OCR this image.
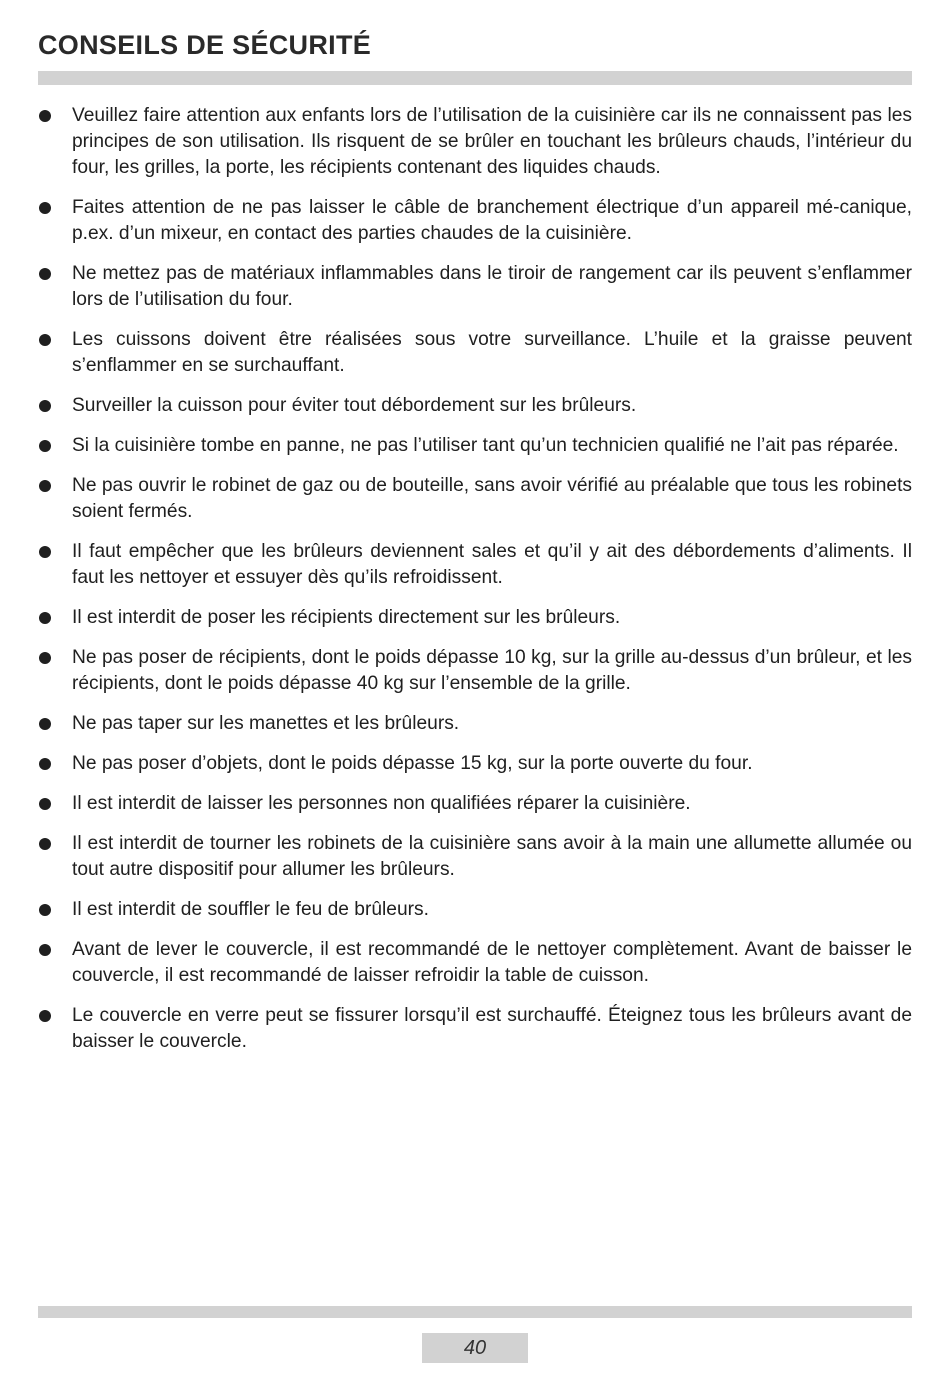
CONSEILS DE SÉCURITÉ
Veuillez faire attention aux enfants lors de l’utilisation de la cuisinière car ils ne connaissent pas les principes de son utilisation. Ils risquent de se brûler en touchant les brûleurs chauds, l’intérieur du four, les grilles, la porte, les récipients contenant des liquides chauds.
Faites attention de ne pas laisser le câble de branchement électrique d’un appareil mé-canique, p.ex. d’un mixeur, en contact des parties chaudes de la cuisinière.
Ne mettez pas de matériaux inflammables dans le tiroir de rangement car ils peuvent s’enflammer lors de l’utilisation du four.
Les cuissons doivent être réalisées sous votre surveillance. L’huile et la graisse peuvent s’enflammer en se surchauffant.
Surveiller la cuisson pour éviter tout débordement sur les brûleurs.
Si la cuisinière tombe en panne, ne pas l’utiliser tant qu’un technicien qualifié ne l’ait pas réparée.
Ne pas ouvrir le robinet de gaz ou de bouteille, sans avoir vérifié au préalable que tous les robinets soient fermés.
Il faut empêcher que les brûleurs deviennent sales et qu’il y ait des débordements d’aliments. Il faut les nettoyer et essuyer dès qu’ils refroidissent.
Il est interdit de poser les récipients directement sur les brûleurs.
Ne pas poser de récipients, dont le poids dépasse 10 kg, sur la grille au-dessus d’un brûleur, et les récipients, dont le poids dépasse 40 kg sur l’ensemble de la grille.
Ne pas taper sur les manettes et les brûleurs.
Ne pas poser d’objets, dont le poids dépasse 15 kg, sur la porte ouverte du four.
Il est interdit de laisser les personnes non qualifiées réparer la cuisinière.
Il est interdit de tourner les robinets de la cuisinière sans avoir à la main une allumette allumée ou tout autre dispositif pour allumer les brûleurs.
Il est interdit de souffler le feu de brûleurs.
Avant de lever le couvercle, il est recommandé de le nettoyer complètement. Avant de baisser le couvercle, il est recommandé de laisser refroidir la table de cuisson.
Le couvercle en verre peut se fissurer lorsqu’il est surchauffé. Éteignez tous les brûleurs avant de baisser le couvercle.
40
